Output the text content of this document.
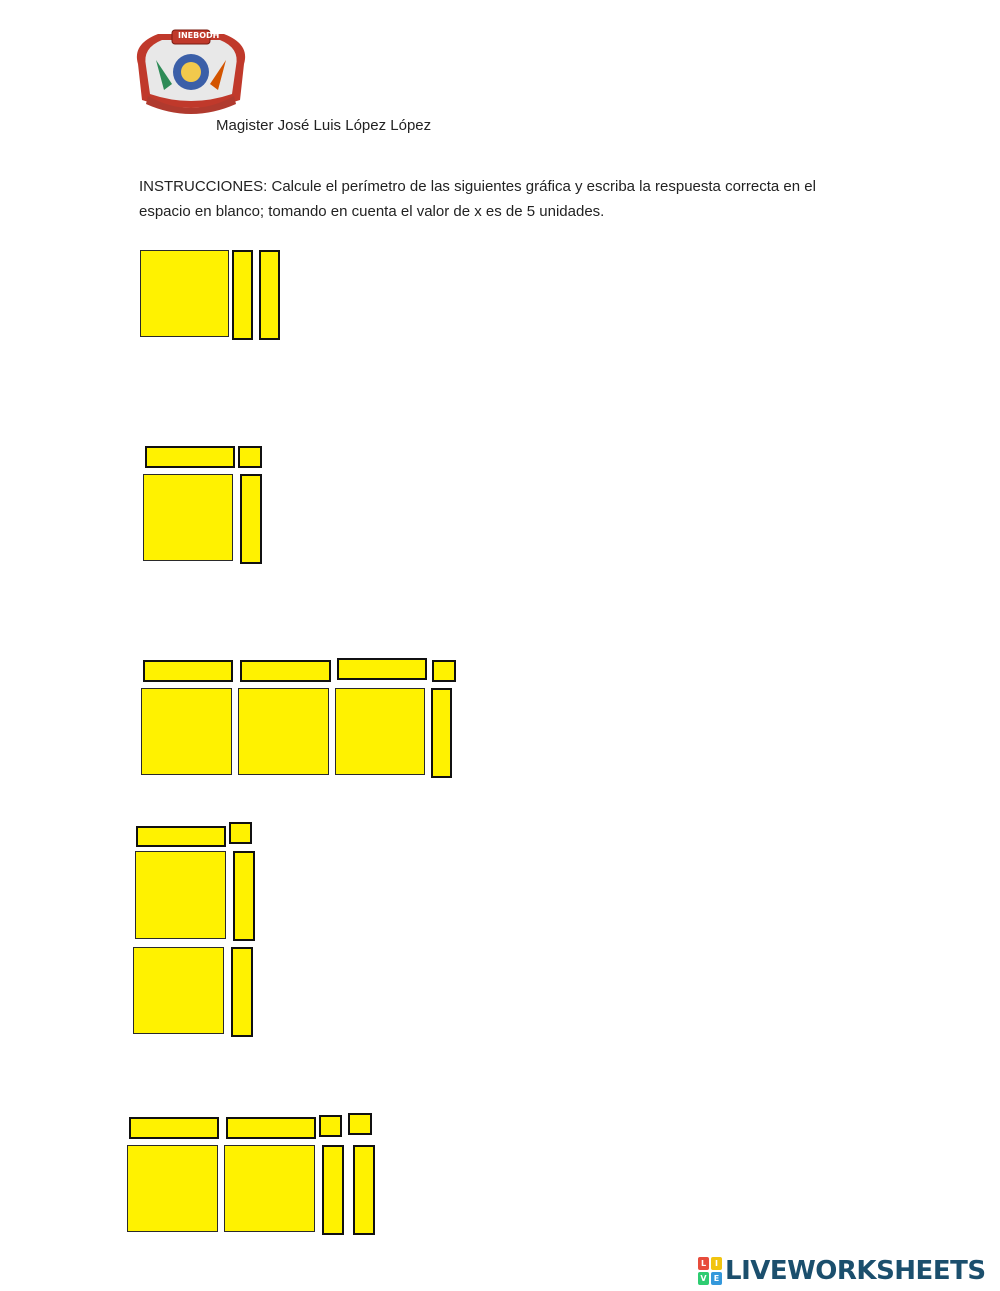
INEBODH
Magister José Luis López López
INSTRUCCIONES: Calcule el perímetro de las siguientes gráfica y escriba la respuesta correcta en el
espacio en blanco; tomando en cuenta el valor de x es de 5 unidades.
L	I
V E LIVEWORKSHEETS
